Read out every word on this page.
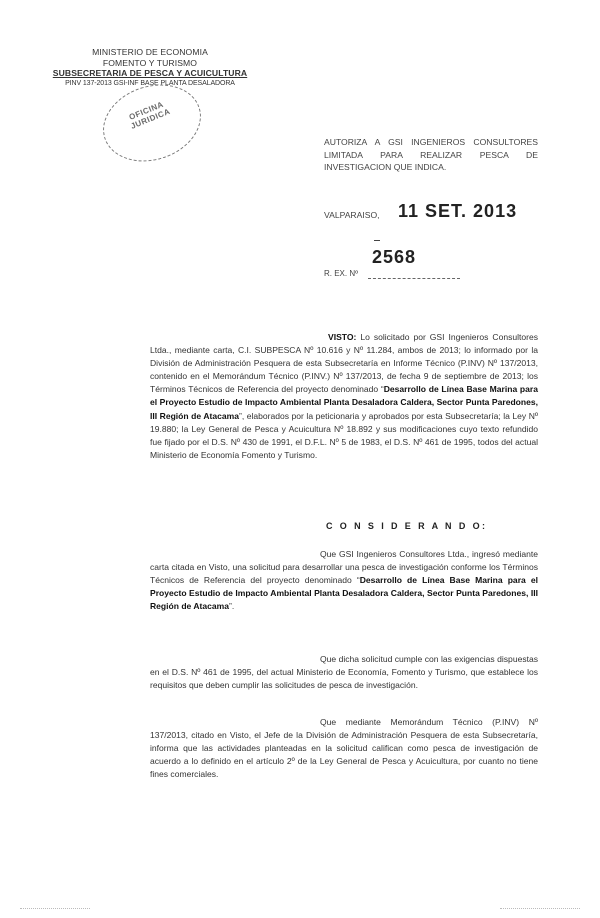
MINISTERIO DE ECONOMIA
FOMENTO Y TURISMO
SUBSECRETARIA DE PESCA Y ACUICULTURA
PINV 137-2013 GSI-INF BASE PLANTA DESALADORA
OFICINA JURIDICA
AUTORIZA A GSI INGENIEROS CONSULTORES LIMITADA PARA REALIZAR PESCA DE INVESTIGACION QUE INDICA.
VALPARAISO, 11 SET. 2013
2568
R. EX. Nº
VISTO: Lo solicitado por GSI Ingenieros Consultores Ltda., mediante carta, C.I. SUBPESCA Nº 10.616 y Nº 11.284, ambos de 2013; lo informado por la División de Administración Pesquera de esta Subsecretaría en Informe Técnico (P.INV) Nº 137/2013, contenido en el Memorándum Técnico (P.INV.) Nº 137/2013, de fecha 9 de septiembre de 2013; los Términos Técnicos de Referencia del proyecto denominado “Desarrollo de Línea Base Marina para el Proyecto Estudio de Impacto Ambiental Planta Desaladora Caldera, Sector Punta Paredones, III Región de Atacama”, elaborados por la peticionaria y aprobados por esta Subsecretaría; la Ley Nº 19.880; la Ley General de Pesca y Acuicultura Nº 18.892 y sus modificaciones cuyo texto refundido fue fijado por el D.S. Nº 430 de 1991, el D.F.L. Nº 5 de 1983, el D.S. Nº 461 de 1995, todos del actual Ministerio de Economía Fomento y Turismo.
C O N S I D E R A N D O:
Que GSI Ingenieros Consultores Ltda., ingresó mediante carta citada en Visto, una solicitud para desarrollar una pesca de investigación conforme los Términos Técnicos de Referencia del proyecto denominado “Desarrollo de Línea Base Marina para el Proyecto Estudio de Impacto Ambiental Planta Desaladora Caldera, Sector Punta Paredones, III Región de Atacama”.
Que dicha solicitud cumple con las exigencias dispuestas en el D.S. Nº 461 de 1995, del actual Ministerio de Economía, Fomento y Turismo, que establece los requisitos que deben cumplir las solicitudes de pesca de investigación.
Que mediante Memorándum Técnico (P.INV) Nº 137/2013, citado en Visto, el Jefe de la División de Administración Pesquera de esta Subsecretaría, informa que las actividades planteadas en la solicitud califican como pesca de investigación de acuerdo a lo definido en el artículo 2º de la Ley General de Pesca y Acuicultura, por cuanto no tiene fines comerciales.
